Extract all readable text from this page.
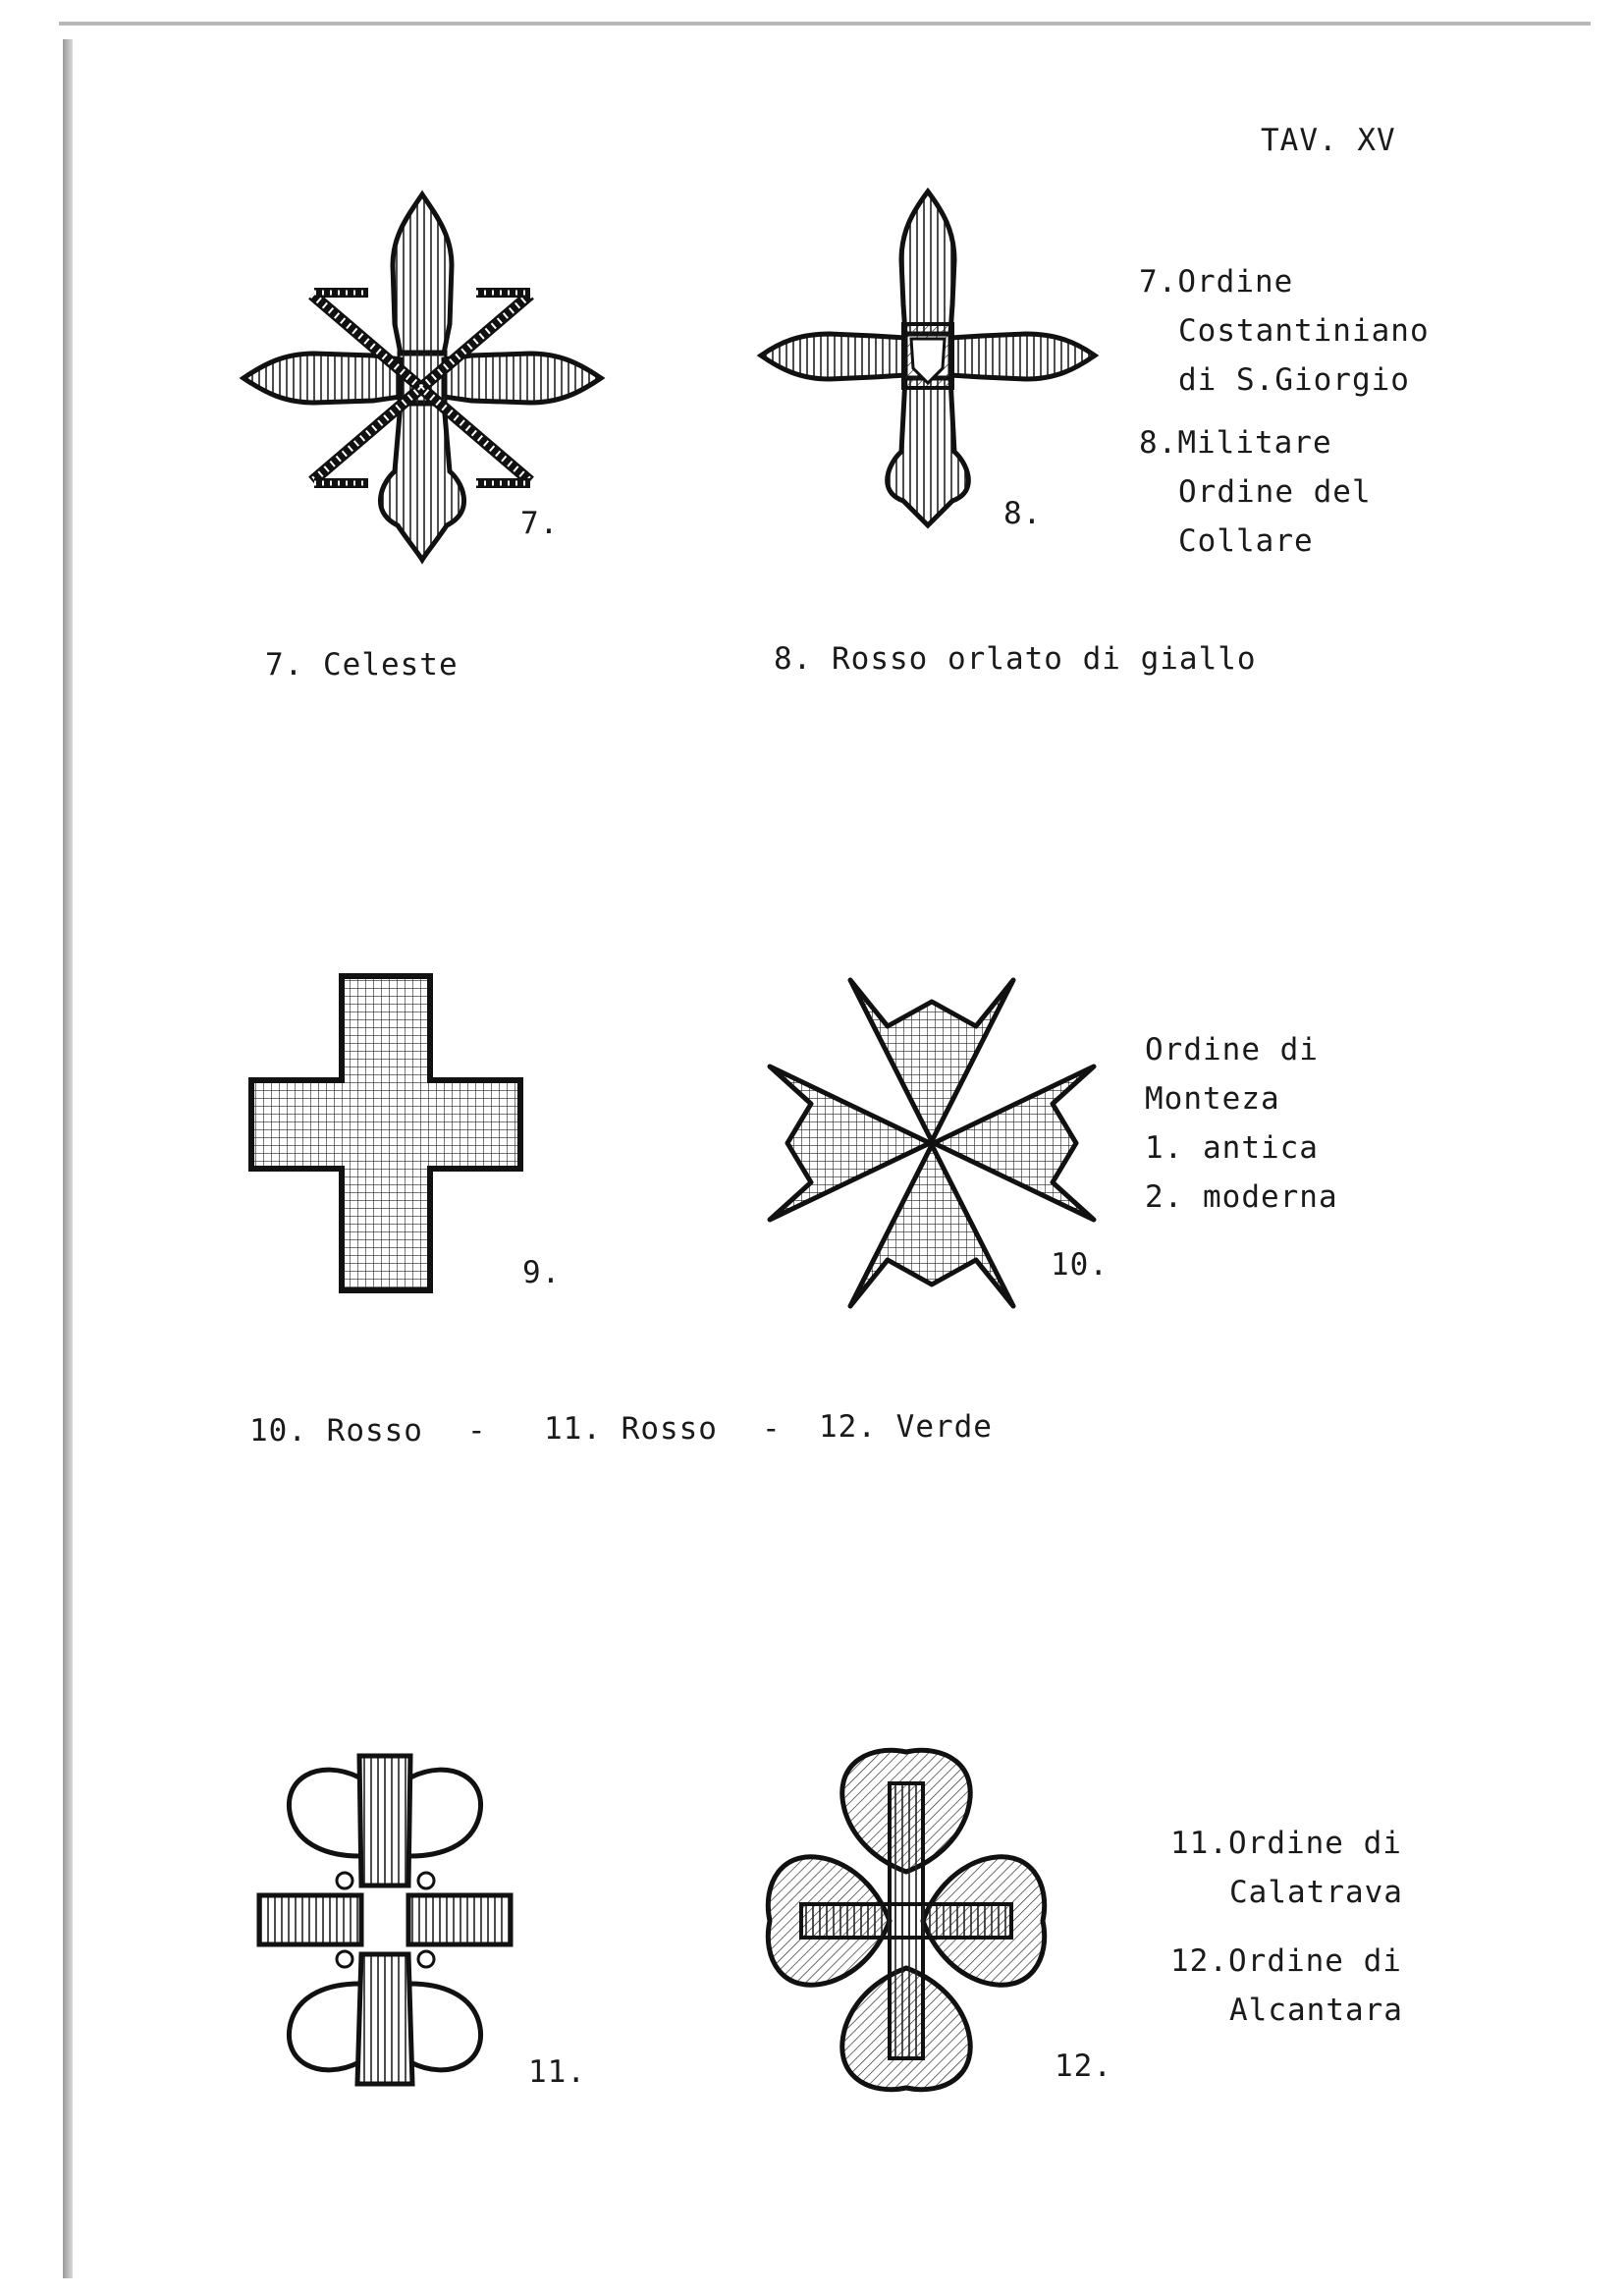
TAV. XV
7.	8.
7.Ordine
Costantiniano
di S.Giorgio
8.Militare
Ordine del
Collare
7. Celeste	8. Rosso orlato di giallo
9.	10.
Ordine di
Monteza
1. antica
2. moderna
10. Rosso - 11. Rosso - 12. Verde
11.	12.
11.Ordine di
Calatrava
12.Ordine di
Alcantara
